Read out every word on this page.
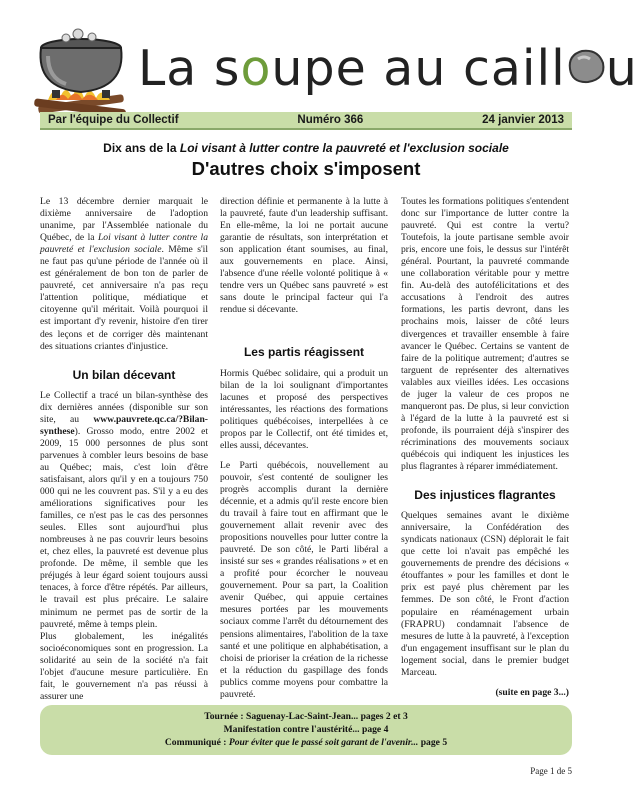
La soupe au caill u
Par l'équipe du Collectif	Numéro 366	24 janvier 2013
Dix ans de la Loi visant à lutter contre la pauvreté et l'exclusion sociale
D'autres choix s'imposent

Le 13 décembre dernier marquait le dixième anniversaire de l'adoption unanime, par l'Assemblée nationale du Québec, de la Loi visant à lutter contre la pauvreté et l'exclusion sociale. Même s'il ne faut pas qu'une période de l'année où il est généralement de bon ton de parler de pauvreté, cet anniversaire n'a pas reçu l'attention politique, médiatique et citoyenne qu'il méritait. Voilà pourquoi il est important d'y revenir, histoire d'en tirer des leçons et de corriger dès maintenant des situations criantes d'injustice.

Un bilan décevant

Le Collectif a tracé un bilan-synthèse des dix dernières années (disponible sur son site, au www.pauvrete.qc.ca/?Bilan-synthese). Grosso modo, entre 2002 et 2009, 15 000 personnes de plus sont parvenues à combler leurs besoins de base au Québec; mais, c'est loin d'être satisfaisant, alors qu'il y en a toujours 750 000 qui ne les couvrent pas. S'il y a eu des améliorations significatives pour les familles, ce n'est pas le cas des personnes seules. Elles sont aujourd'hui plus nombreuses à ne pas couvrir leurs besoins et, chez elles, la pauvreté est devenue plus profonde. De même, il semble que les préjugés à leur égard soient toujours aussi tenaces, à force d'être répétés. Par ailleurs, le travail est plus précaire. Le salaire minimum ne permet pas de sortir de la pauvreté, même à temps plein.

Plus globalement, les inégalités socioéconomiques sont en progression. La solidarité au sein de la société n'a fait l'objet d'aucune mesure particulière. En fait, le gouvernement n'a pas réussi à assurer une

direction définie et permanente à la lutte à la pauvreté, faute d'un leadership suffisant. En elle-même, la loi ne portait aucune garantie de résultats, son interprétation et son application étant soumises, au final, aux gouvernements en place. Ainsi, l'absence d'une réelle volonté politique à « tendre vers un Québec sans pauvreté » est sans doute le principal facteur qui l'a rendue si décevante.

Les partis réagissent

Hormis Québec solidaire, qui a produit un bilan de la loi soulignant d'importantes lacunes et proposé des perspectives intéressantes, les réactions des formations politiques québécoises, interpellées à ce propos par le Collectif, ont été timides et, elles aussi, décevantes.

Le Parti québécois, nouvellement au pouvoir, s'est contenté de souligner les progrès accomplis durant la dernière décennie, et a admis qu'il reste encore bien du travail à faire tout en affirmant que le gouvernement allait revenir avec des propositions nouvelles pour lutter contre la pauvreté. De son côté, le Parti libéral a insisté sur ses « grandes réalisations » et en a profité pour écorcher le nouveau gouvernement. Pour sa part, la Coalition avenir Québec, qui appuie certaines mesures portées par les mouvements sociaux comme l'arrêt du détournement des pensions alimentaires, l'abolition de la taxe santé et une politique en alphabétisation, a choisi de prioriser la création de la richesse et la réduction du gaspillage des fonds publics comme moyens pour combattre la pauvreté.

Toutes les formations politiques s'entendent donc sur l'importance de lutter contre la pauvreté. Qui est contre la vertu? Toutefois, la joute partisane semble avoir pris, encore une fois, le dessus sur l'intérêt général. Pourtant, la pauvreté commande une collaboration véritable pour y mettre fin. Au-delà des autofélicitations et des accusations à l'endroit des autres formations, les partis devront, dans les prochains mois, laisser de côté leurs divergences et travailler ensemble à faire avancer le Québec. Certains se vantent de faire de la politique autrement; d'autres se targuent de représenter des alternatives valables aux vieilles idées. Les occasions de juger la valeur de ces propos ne manqueront pas. De plus, si leur conviction à l'égard de la lutte à la pauvreté est si profonde, ils pourraient déjà s'inspirer des récriminations des mouvements sociaux québécois qui indiquent les injustices les plus flagrantes à réparer immédiatement.

Des injustices flagrantes

Quelques semaines avant le dixième anniversaire, la Confédération des syndicats nationaux (CSN) déplorait le fait que cette loi n'avait pas empêché les gouvernements de prendre des décisions « étouffantes » pour les familles et dont le prix est payé plus chèrement par les femmes. De son côté, le Front d'action populaire en réaménagement urbain (FRAPRU) condamnait l'absence de mesures de lutte à la pauvreté, à l'exception d'un engagement insuffisant sur le plan du logement social, dans le premier budget Marceau.

(suite en page 3...)
Tournée : Saguenay-Lac-Saint-Jean... pages 2 et 3
Manifestation contre l'austérité... page 4
Communiqué : Pour éviter que le passé soit garant de l'avenir... page 5
Page 1 de 5
